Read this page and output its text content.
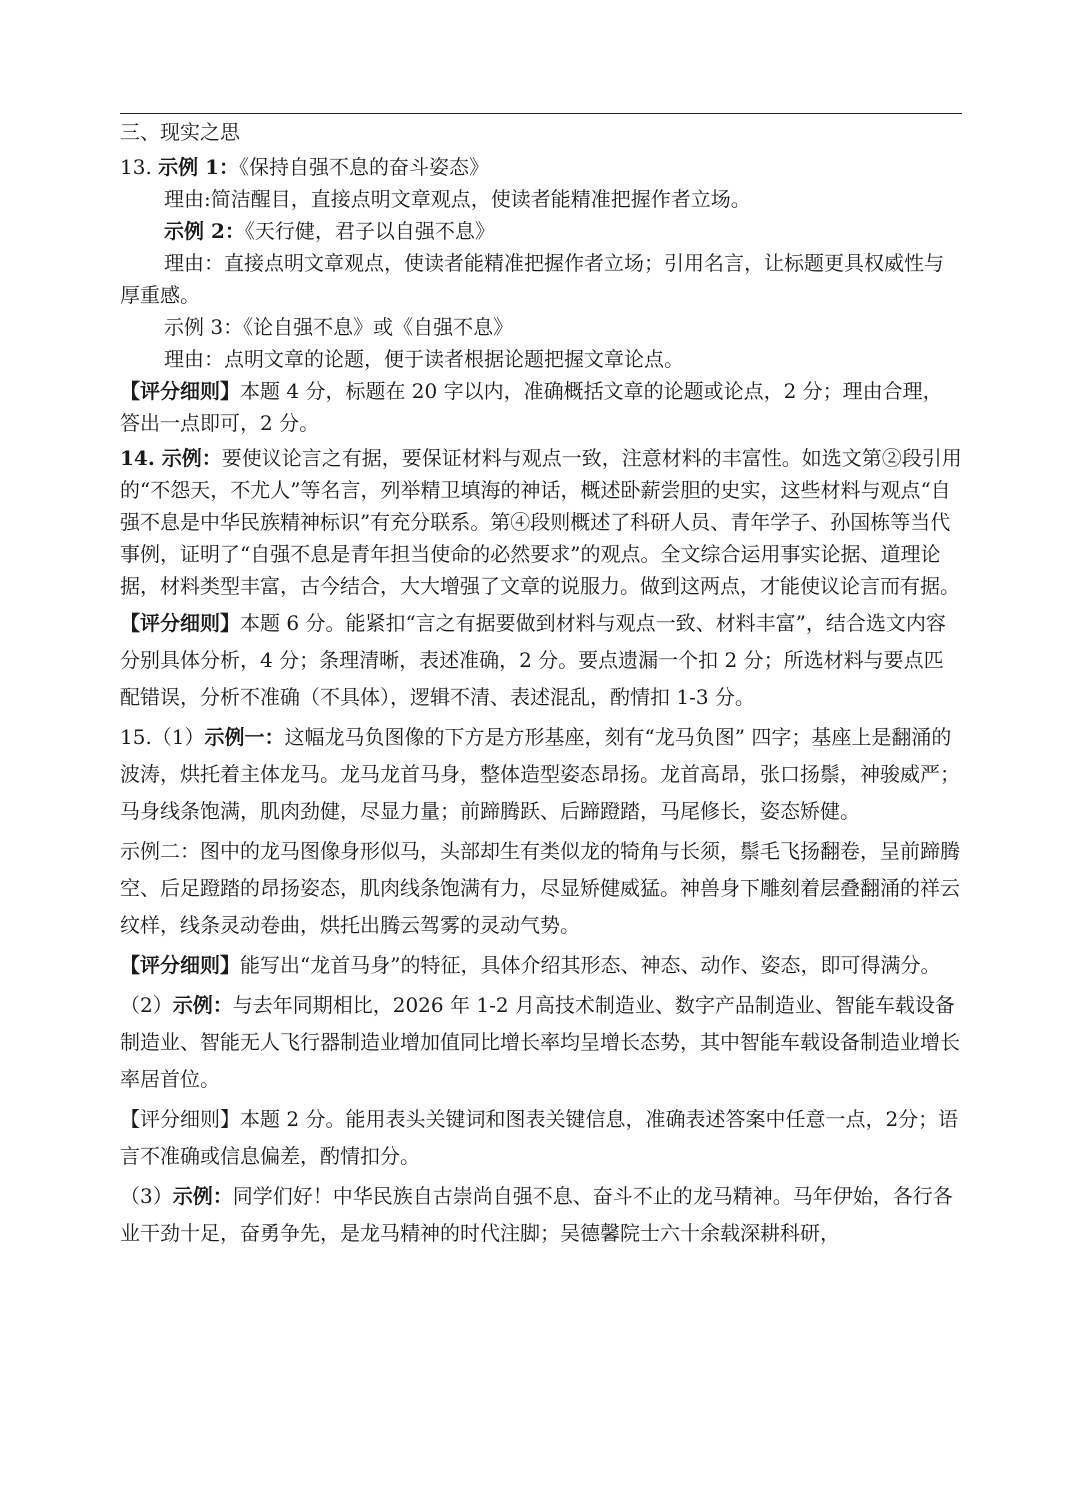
三、现实之思

13. 示例 1：《保持自强不息的奋斗姿态》

理由:简洁醒目，直接点明文章观点，使读者能精准把握作者立场。

示例 2：《天行健，君子以自强不息》

理由：直接点明文章观点，使读者能精准把握作者立场；引用名言，让标题更具权威性与厚重感。

示例 3：《论自强不息》或《自强不息》

理由：点明文章的论题，便于读者根据论题把握文章论点。

【评分细则】本题 4 分，标题在 20 字以内，准确概括文章的论题或论点，2 分；理由合理，答出一点即可，2 分。

14. 示例：要使议论言之有据，要保证材料与观点一致，注意材料的丰富性。如选文第②段引用的“不怨天，不尤人”等名言，列举精卫填海的神话，概述卧薪尝胆的史实，这些材料与观点“自强不息是中华民族精神标识”有充分联系。第④段则概述了科研人员、青年学子、孙国栋等当代事例，证明了“自强不息是青年担当使命的必然要求”的观点。全文综合运用事实论据、道理论据，材料类型丰富，古今结合，大大增强了文章的说服力。做到这两点，才能使议论言而有据。

【评分细则】本题 6 分。能紧扣“言之有据要做到材料与观点一致、材料丰富”，结合选文内容分别具体分析，4 分；条理清晰，表述准确，2 分。要点遗漏一个扣 2 分；所选材料与要点匹配错误，分析不准确（不具体），逻辑不清、表述混乱，酌情扣 1-3 分。

15.（1）示例一：这幅龙马负图像的下方是方形基座，刻有“龙马负图” 四字；基座上是翻涌的波涛，烘托着主体龙马。龙马龙首马身，整体造型姿态昂扬。龙首高昂，张口扬鬃，神骏威严；马身线条饱满，肌肉劲健，尽显力量；前蹄腾跃、后蹄蹬踏，马尾修长，姿态矫健。

示例二：图中的龙马图像身形似马，头部却生有类似龙的犄角与长须，鬃毛飞扬翻卷，呈前蹄腾空、后足蹬踏的昂扬姿态，肌肉线条饱满有力，尽显矫健威猛。神兽身下雕刻着层叠翻涌的祥云纹样，线条灵动卷曲，烘托出腾云驾雾的灵动气势。

【评分细则】能写出“龙首马身”的特征，具体介绍其形态、神态、动作、姿态，即可得满分。

（2）示例：与去年同期相比，2026 年 1-2 月高技术制造业、数字产品制造业、智能车载设备制造业、智能无人飞行器制造业增加值同比增长率均呈增长态势，其中智能车载设备制造业增长率居首位。

【评分细则】本题 2 分。能用表头关键词和图表关键信息，准确表述答案中任意一点，2分；语言不准确或信息偏差，酌情扣分。

（3）示例：同学们好！中华民族自古崇尚自强不息、奋斗不止的龙马精神。马年伊始，各行各业干劲十足，奋勇争先，是龙马精神的时代注脚；吴德馨院士六十余载深耕科研，
